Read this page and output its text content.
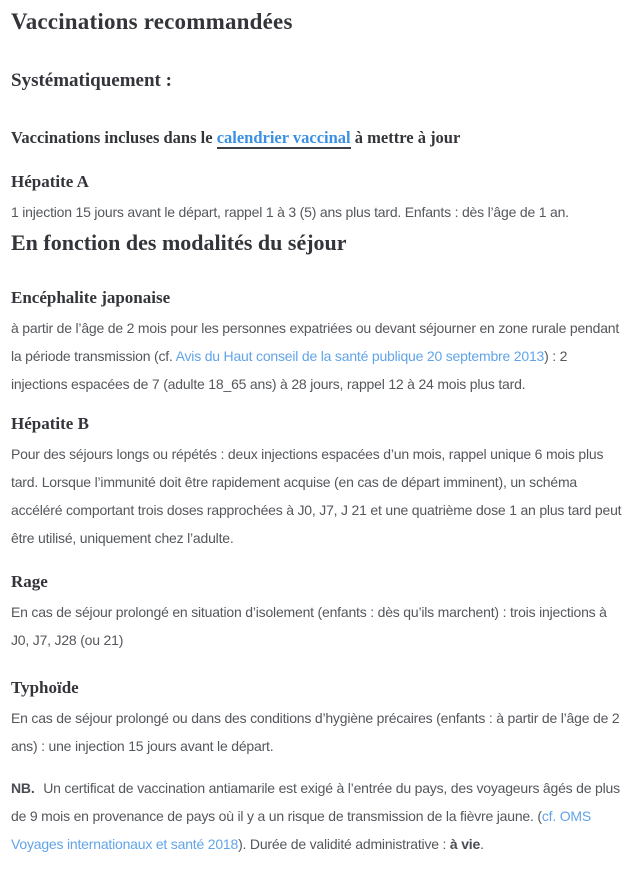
Vaccinations recommandées
Systématiquement :

Vaccinations incluses dans le calendrier vaccinal à mettre à jour

Hépatite A

1 injection 15 jours avant le départ, rappel 1 à 3 (5) ans plus tard. Enfants : dès l’âge de 1 an.

En fonction des modalités du séjour
Encéphalite japonaise

à partir de l’âge de 2 mois pour les personnes expatriées ou devant séjourner en zone rurale pendant la période transmission (cf. Avis du Haut conseil de la santé publique 20 septembre 2013) : 2 injections espacées de 7 (adulte 18_65 ans) à 28 jours, rappel 12 à 24 mois plus tard.

Hépatite B

Pour des séjours longs ou répétés : deux injections espacées d’un mois, rappel unique 6 mois plus tard. Lorsque l’immunité doit être rapidement acquise (en cas de départ imminent), un schéma accéléré comportant trois doses rapprochées à J0, J7, J 21 et une quatrième dose 1 an plus tard peut être utilisé, uniquement chez l’adulte.

Rage

En cas de séjour prolongé en situation d’isolement (enfants : dès qu’ils marchent) : trois injections à J0, J7, J28 (ou 21)

Typhoïde

En cas de séjour prolongé ou dans des conditions d’hygiène précaires (enfants : à partir de l’âge de 2 ans) : une injection 15 jours avant le départ.

NB. Un certificat de vaccination antiamarile est exigé à l’entrée du pays, des voyageurs âgés de plus de 9 mois en provenance de pays où il y a un risque de transmission de la fièvre jaune. (cf. OMS Voyages internationaux et santé 2018). Durée de validité administrative : à vie.
